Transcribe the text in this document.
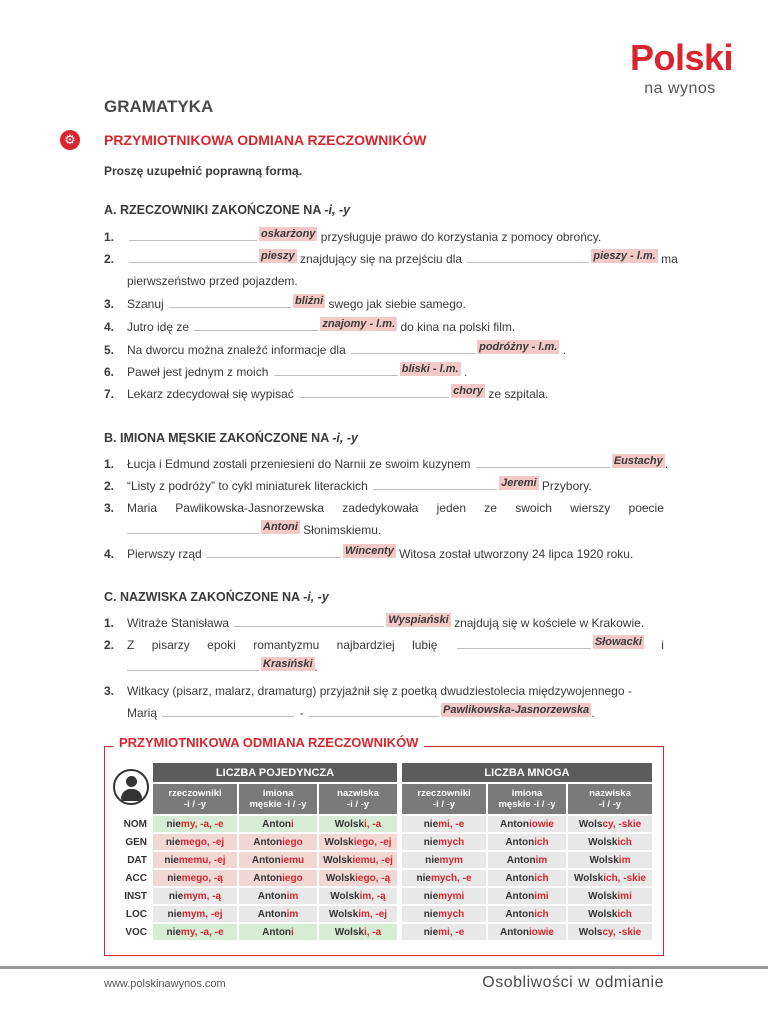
Polski
na wynos
GRAMATYKA
⚙ PRZYMIOTNIKOWA ODMIANA RZECZOWNIKÓW
Proszę uzupełnić poprawną formą.
A. RZECZOWNIKI ZAKOŃCZONE NA -i, -y
1.	oskarżony przysługuje prawo do korzystania z pomocy obrońcy.
2.	pieszy znajdujący się na przejściu dla	pieszy - l.m. ma
pierwszeństwo przed pojazdem.
3. Szanuj	bliźni swego jak siebie samego.
4. Jutro idę ze	znajomy - l.m. do kina na polski film.
5. Na dworcu można znaleźć informacje dla	podróżny - l.m. .
6. Paweł jest jednym z moich	bliski - l.m. .
7. Lekarz zdecydował się wypisać	chory ze szpitala.
B. IMIONA MĘSKIE ZAKOŃCZONE NA -i, -y
1. Łucja i Edmund zostali przeniesieni do Narnii ze swoim kuzynem	Eustachy .
2. “Listy z podróży” to cykl miniaturek literackich	Jeremi Przybory.
3. Maria Pawlikowska-Jasnorzewska zadedykowała jeden ze swoich wierszy poecie
Antoni Słonimskiemu.
4. Pierwszy rząd	Wincenty Witosa został utworzony 24 lipca 1920 roku.
C. NAZWISKA ZAKOŃCZONE NA -i, -y
1. Witraże Stanisława	Wyspiański znajdują się w kościele w Krakowie.
2. Z pisarzy epoki romantyzmu najbardziej lubię	Słowacki i
Krasiński .
3. Witkacy (pisarz, malarz, dramaturg) przyjaźnił się z poetką dwudziestolecia międzywojennego -
Marią	-	Pawlikowska-Jasnorzewska .
PRZYMIOTNIKOWA ODMIANA RZECZOWNIKÓW
	LICZBA POJEDYNCZA				LICZBA MNOGA		
	rzeczowniki
-i / -y	imiona
męskie -i / -y	nazwiska
-i / -y		rzeczowniki
-i / -y	imiona
męskie -i / -y	nazwiska
-i / -y
NOM	niemy, -a, -e	Antoni	Wolski, -a		niemi, -e	Antoniowie	Wolscy, -skie
GEN	niemego, -ej	Antoniego	Wolskiego, -ej		niemych	Antonich	Wolskich
DAT	niememu, -ej	Antoniemu	Wolskiemu, -ej		niemym	Antonim	Wolskim
ACC	niemego, -ą	Antoniego	Wolskiego, -ą		niemych, -e	Antonich	Wolskich, -skie
INST	niemym, -ą	Antonim	Wolskim, -ą		niemymi	Antonimi	Wolskimi
LOC	niemym, -ej	Antonim	Wolskim, -ej		niemych	Antonich	Wolskich
VOC	niemy, -a, -e	Antoni	Wolski, -a		niemi, -e	Antoniowie	Wolscy, -skie
www.polskinawynos.com	Osobliwości w odmianie
